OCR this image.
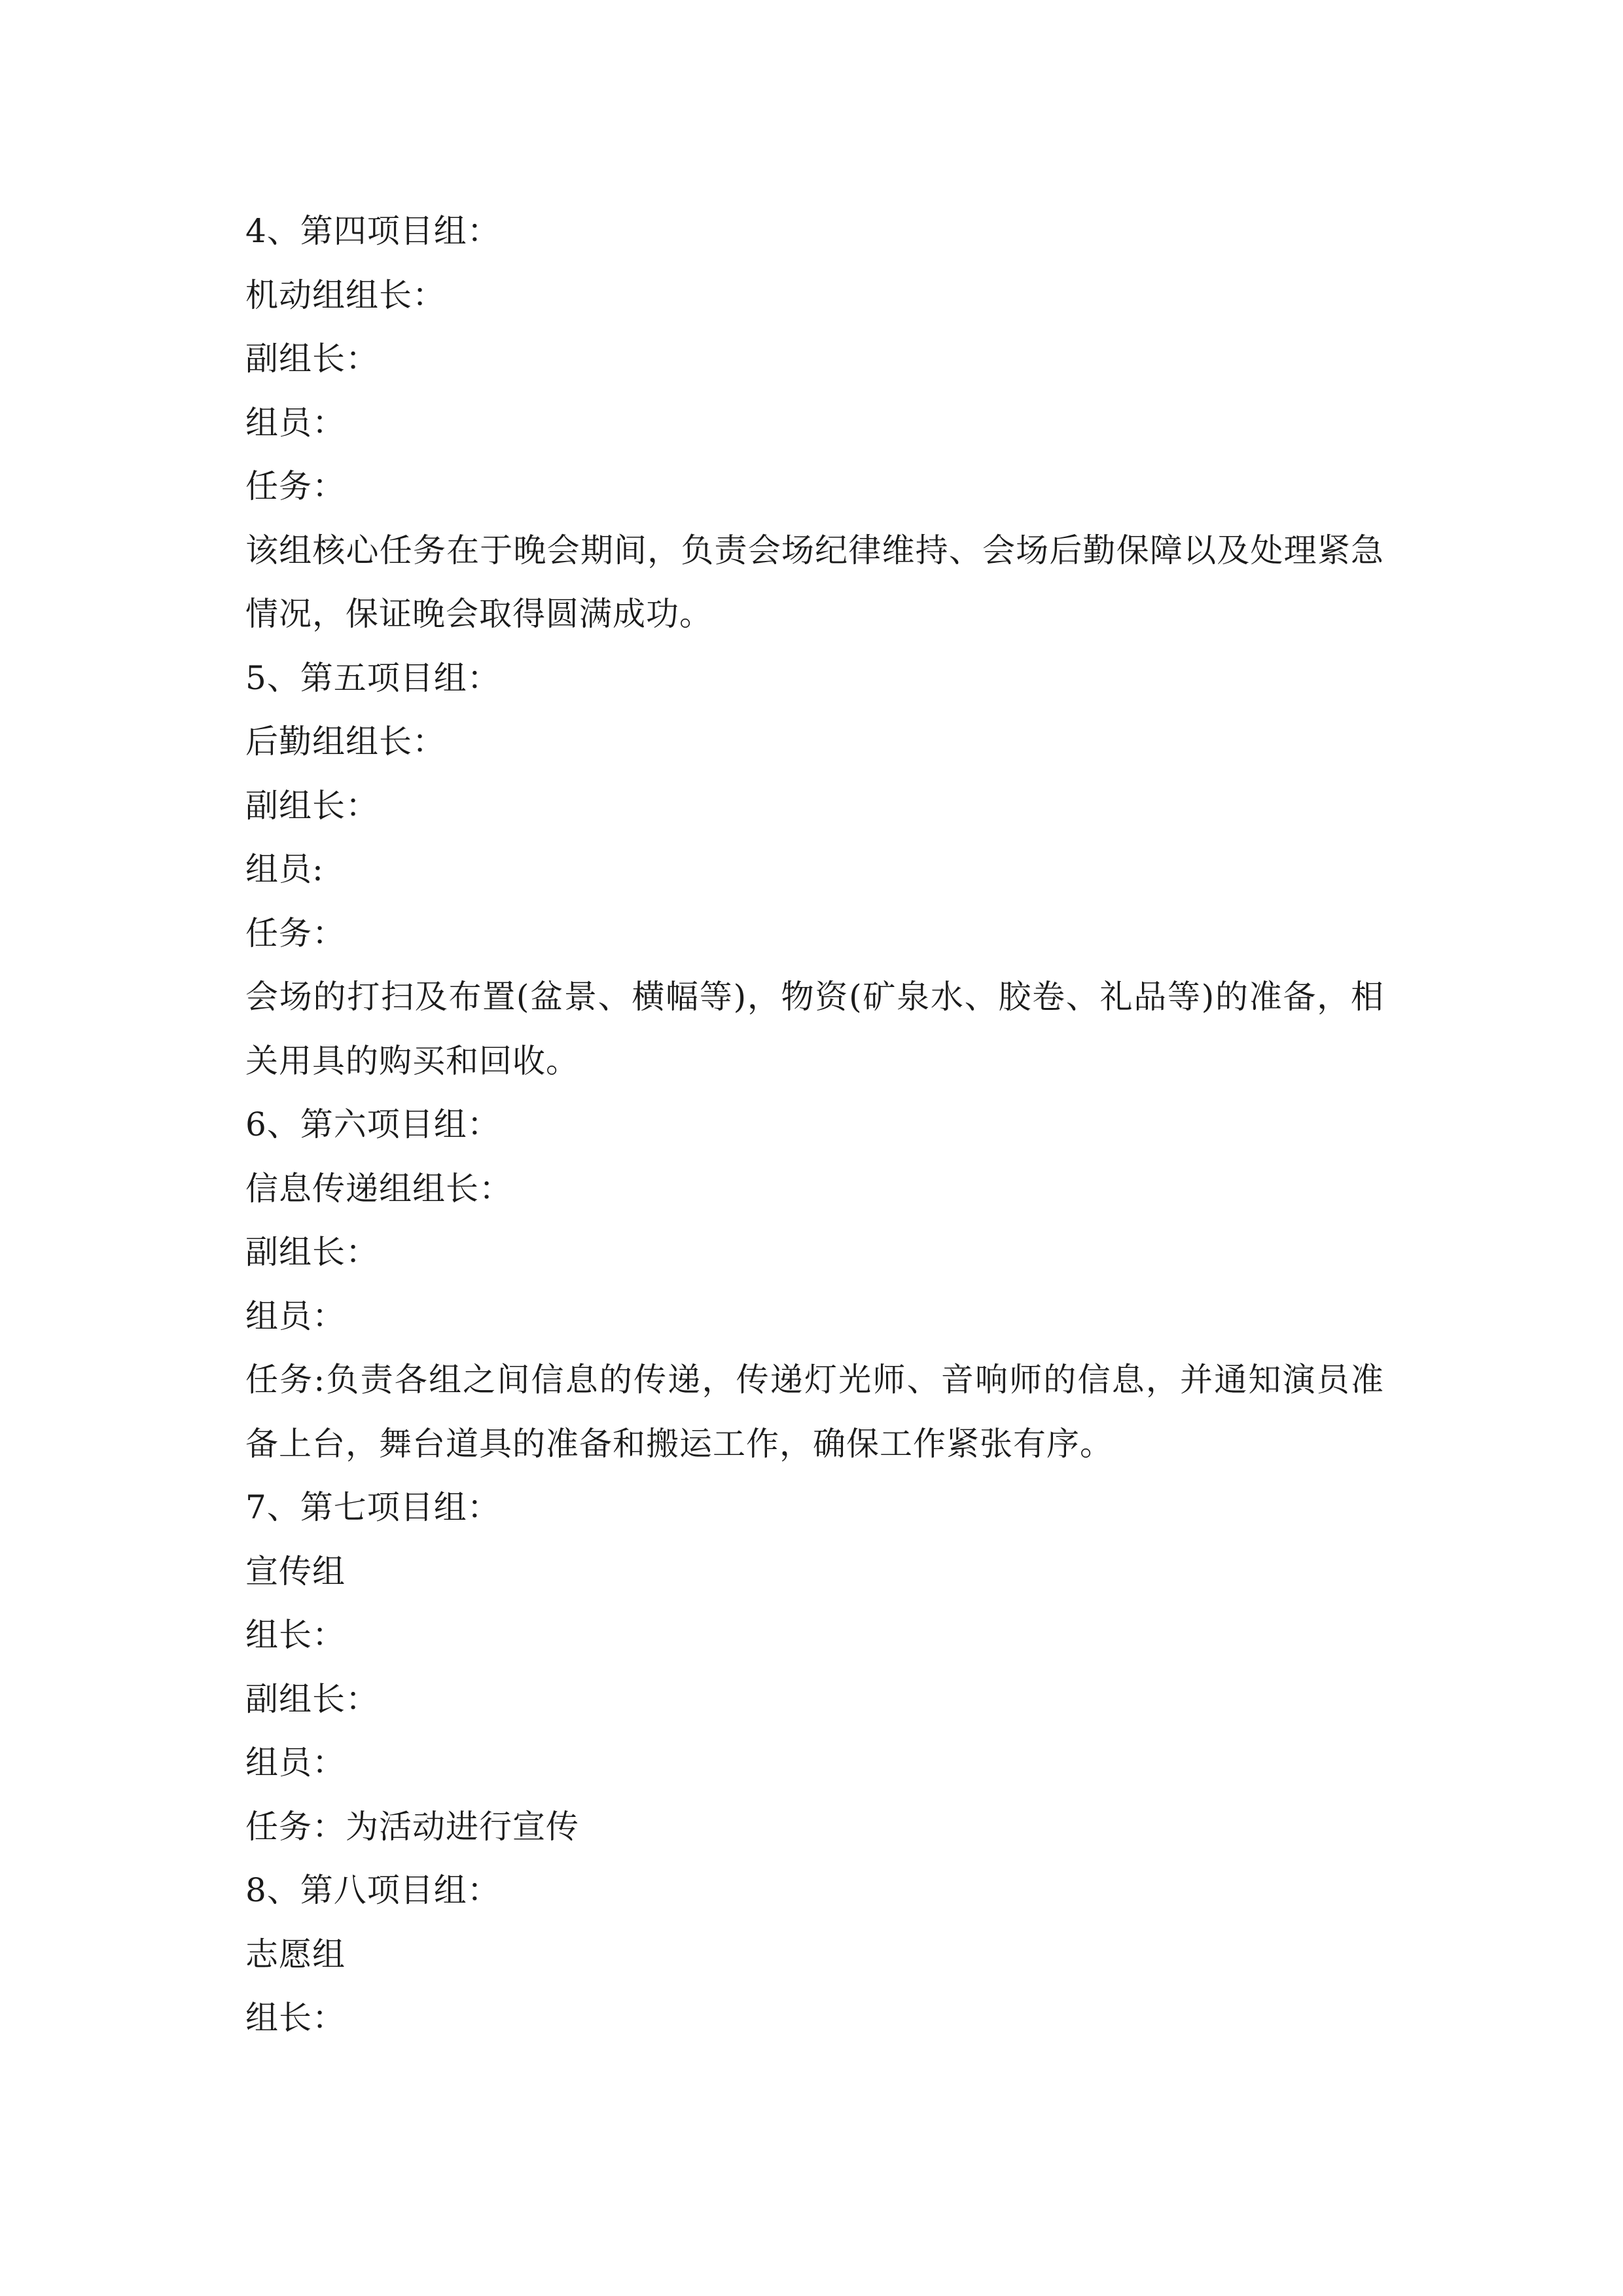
4、第四项目组：
机动组组长：
副组长：
组员：
任务：
该组核心任务在于晚会期间，负责会场纪律维持、会场后勤保障以及处理紧急情况，保证晚会取得圆满成功。
5、第五项目组：
后勤组组长：
副组长：
组员:
任务：
会场的打扫及布置(盆景、横幅等)，物资(矿泉水、胶卷、礼品等)的准备，相关用具的购买和回收。
6、第六项目组：
信息传递组组长：
副组长：
组员：
任务:负责各组之间信息的传递，传递灯光师、音响师的信息，并通知演员准备上台，舞台道具的准备和搬运工作，确保工作紧张有序。
7、第七项目组：
宣传组
组长：
副组长：
组员：
任务：为活动进行宣传
8、第八项目组：
志愿组
组长：
